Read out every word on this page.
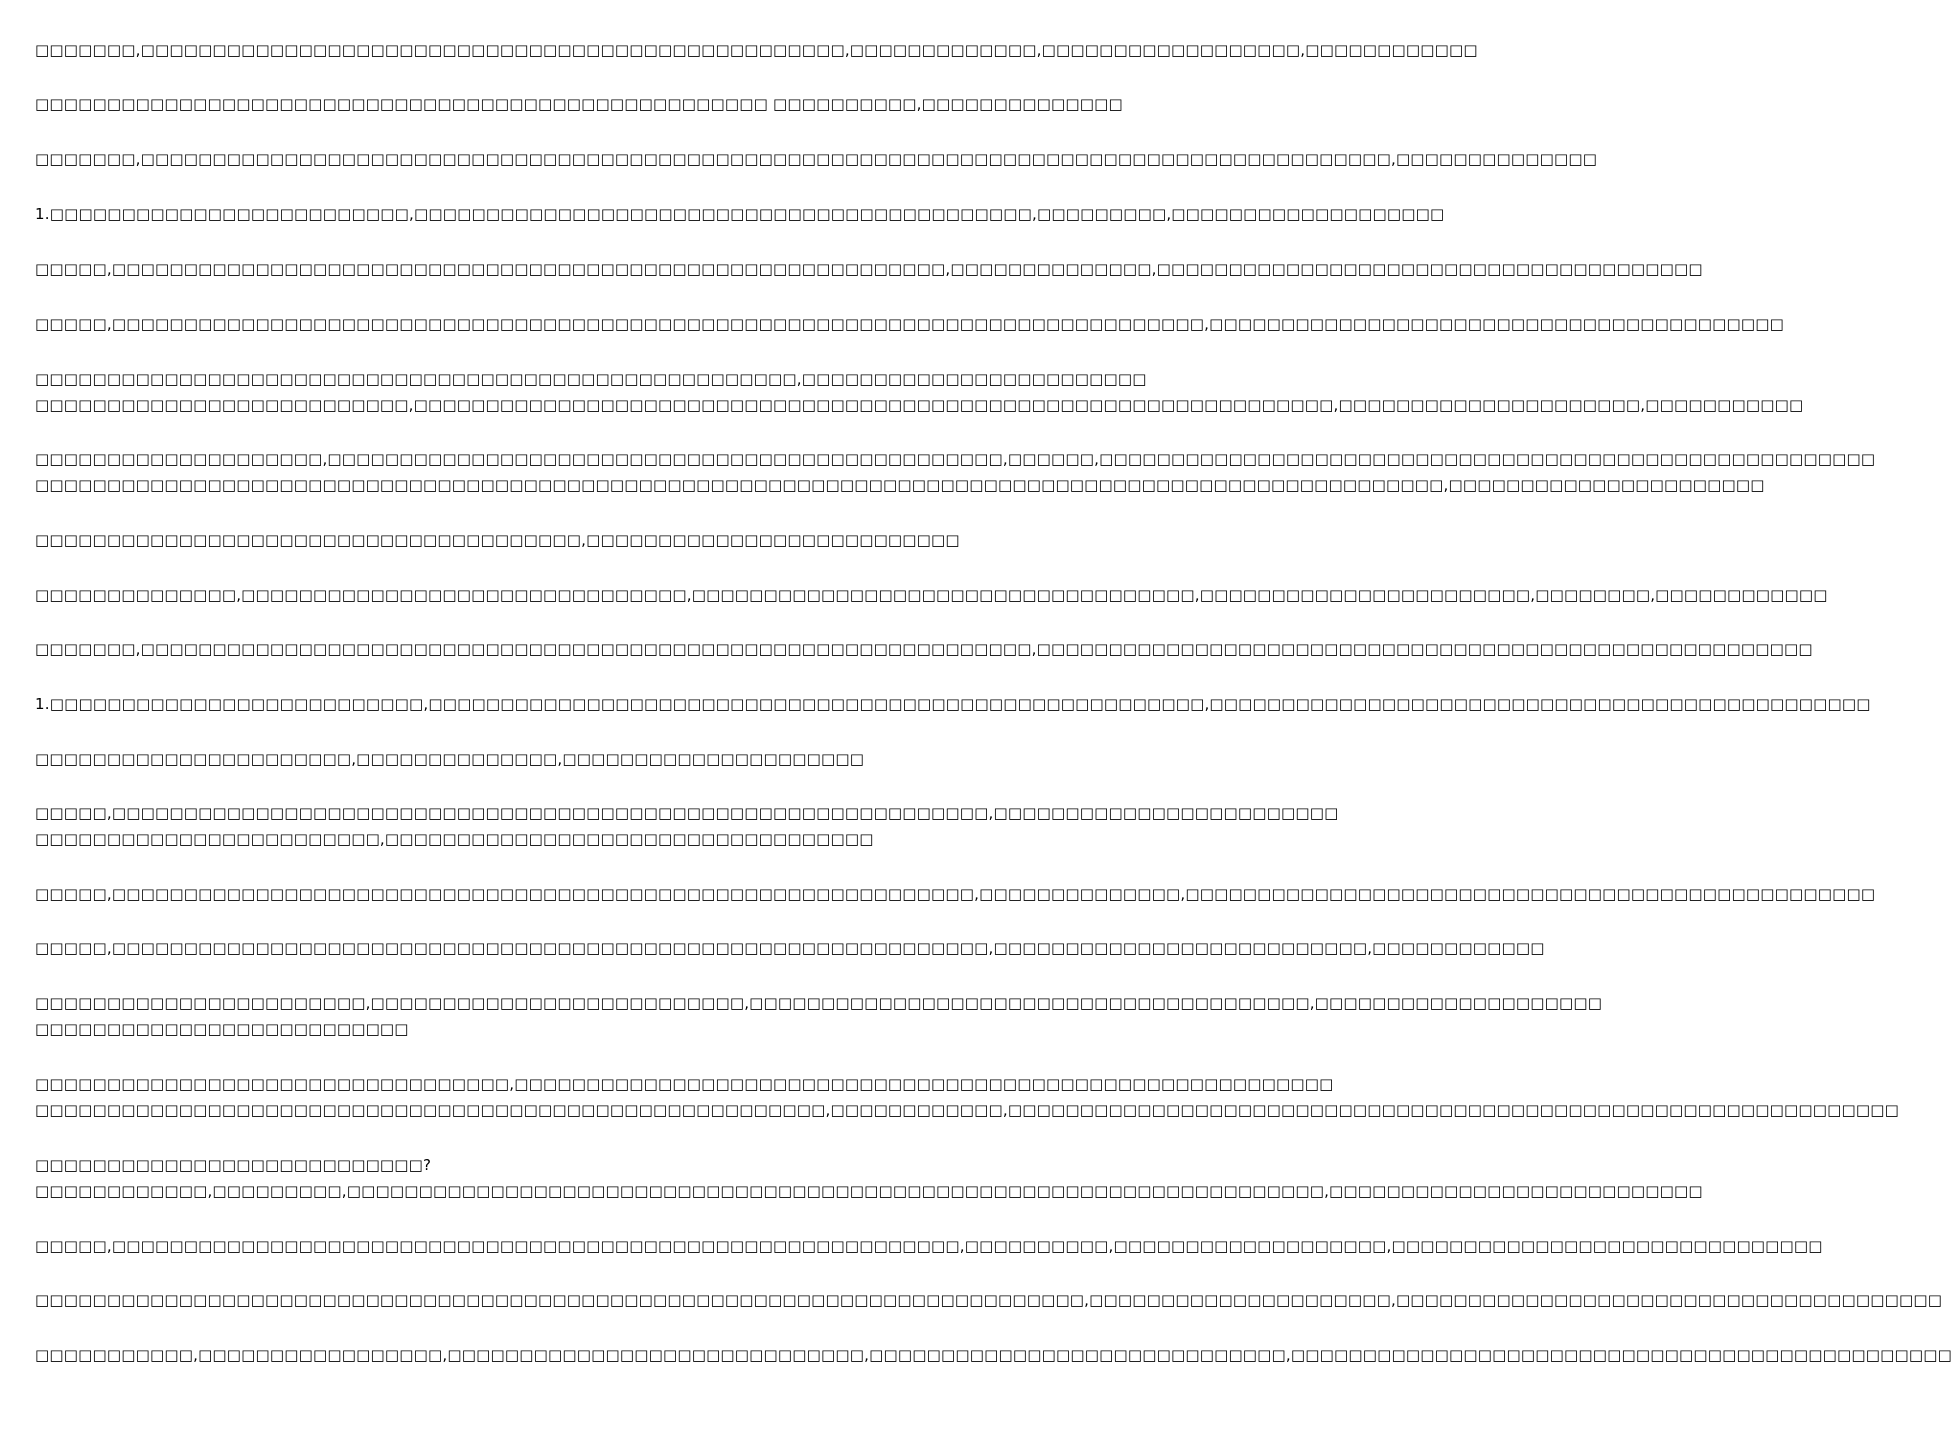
□□□□□□□,□□□□□□□□□□□□□□□□□□□□□□□□□□□□□□□□□□□□□□□□□□□□□□□□□,□□□□□□□□□□□□□,□□□□□□□□□□□□□□□□□□,□□□□□□□□□□□□
□□□□□□□□□□□□□□□□□□□□□□□□□□□□□□□□□□□□□□□□□□□□□□□□□□□ □□□□□□□□□□,□□□□□□□□□□□□□□
□□□□□□□,□□□□□□□□□□□□□□□□□□□□□□□□□□□□□□□□□□□□□□□□□□□□□□□□□□□□□□□□□□□□□□□□□□□□□□□□□□□□□□□□□□□□□□□,□□□□□□□□□□□□□□
1.□□□□□□□□□□□□□□□□□□□□□□□□□,□□□□□□□□□□□□□□□□□□□□□□□□□□□□□□□□□□□□□□□□□□□,□□□□□□□□□,□□□□□□□□□□□□□□□□□□□
□□□□□,□□□□□□□□□□□□□□□□□□□□□□□□□□□□□□□□□□□□□□□□□□□□□□□□□□□□□□□□□□,□□□□□□□□□□□□□□,□□□□□□□□□□□□□□□□□□□□□□□□□□□□□□□□□□□□□□
□□□□□,□□□□□□□□□□□□□□□□□□□□□□□□□□□□□□□□□□□□□□□□□□□□□□□□□□□□□□□□□□□□□□□□□□□□□□□□□□□□,□□□□□□□□□□□□□□□□□□□□□□□□□□□□□□□□□□□□□□□□
□□□□□□□□□□□□□□□□□□□□□□□□□□□□□□□□□□□□□□□□□□□□□□□□□□□□□,□□□□□□□□□□□□□□□□□□□□□□□□
□□□□□□□□□□□□□□□□□□□□□□□□□□,□□□□□□□□□□□□□□□□□□□□□□□□□□□□□□□□□□□□□□□□□□□□□□□□□□□□□□□□□□□□□□□□,□□□□□□□□□□□□□□□□□□□□□,□□□□□□□□□□□
□□□□□□□□□□□□□□□□□□□□,□□□□□□□□□□□□□□□□□□□□□□□□□□□□□□□□□□□□□□□□□□□□□□□,□□□□□□,□□□□□□□□□□□□□□□□□□□□□□□□□□□□□□□□□□□□□□□□□□□□□□□□□□□□□□
□□□□□□□□□□□□□□□□□□□□□□□□□□□□□□□□□□□□□□□□□□□□□□□□□□□□□□□□□□□□□□□□□□□□□□□□□□□□□□□□□□□□□□□□□□□□□□□□□□,□□□□□□□□□□□□□□□□□□□□□□
□□□□□□□□□□□□□□□□□□□□□□□□□□□□□□□□□□□□□□,□□□□□□□□□□□□□□□□□□□□□□□□□□
□□□□□□□□□□□□□□,□□□□□□□□□□□□□□□□□□□□□□□□□□□□□□□,□□□□□□□□□□□□□□□□□□□□□□□□□□□□□□□□□□□,□□□□□□□□□□□□□□□□□□□□□□□,□□□□□□□□,□□□□□□□□□□□□
□□□□□□□,□□□□□□□□□□□□□□□□□□□□□□□□□□□□□□□□□□□□□□□□□□□□□□□□□□□□□□□□□□□□□□,□□□□□□□□□□□□□□□□□□□□□□□□□□□□□□□□□□□□□□□□□□□□□□□□□□□□□□
1.□□□□□□□□□□□□□□□□□□□□□□□□□□,□□□□□□□□□□□□□□□□□□□□□□□□□□□□□□□□□□□□□□□□□□□□□□□□□□□□□□,□□□□□□□□□□□□□□□□□□□□□□□□□□□□□□□□□□□□□□□□□□□□□□
□□□□□□□□□□□□□□□□□□□□□□,□□□□□□□□□□□□□□,□□□□□□□□□□□□□□□□□□□□□
□□□□□,□□□□□□□□□□□□□□□□□□□□□□□□□□□□□□□□□□□□□□□□□□□□□□□□□□□□□□□□□□□□□,□□□□□□□□□□□□□□□□□□□□□□□□
□□□□□□□□□□□□□□□□□□□□□□□□,□□□□□□□□□□□□□□□□□□□□□□□□□□□□□□□□□□
□□□□□,□□□□□□□□□□□□□□□□□□□□□□□□□□□□□□□□□□□□□□□□□□□□□□□□□□□□□□□□□□□□,□□□□□□□□□□□□□□,□□□□□□□□□□□□□□□□□□□□□□□□□□□□□□□□□□□□□□□□□□□□□□□□
□□□□□,□□□□□□□□□□□□□□□□□□□□□□□□□□□□□□□□□□□□□□□□□□□□□□□□□□□□□□□□□□□□□,□□□□□□□□□□□□□□□□□□□□□□□□□□,□□□□□□□□□□□□
□□□□□□□□□□□□□□□□□□□□□□□,□□□□□□□□□□□□□□□□□□□□□□□□□□,□□□□□□□□□□□□□□□□□□□□□□□□□□□□□□□□□□□□□□□,□□□□□□□□□□□□□□□□□□□□
□□□□□□□□□□□□□□□□□□□□□□□□□□
□□□□□□□□□□□□□□□□□□□□□□□□□□□□□□□□□,□□□□□□□□□□□□□□□□□□□□□□□□□□□□□□□□□□□□□□□□□□□□□□□□□□□□□□□□□
□□□□□□□□□□□□□□□□□□□□□□□□□□□□□□□□□□□□□□□□□□□□□□□□□□□□□□□,□□□□□□□□□□□□,□□□□□□□□□□□□□□□□□□□□□□□□□□□□□□□□□□□□□□□□□□□□□□□□□□□□□□□□□□□□□□
□□□□□□□□□□□□□□□□□□□□□□□□□□□?
□□□□□□□□□□□□,□□□□□□□□□,□□□□□□□□□□□□□□□□□□□□□□□□□□□□□□□□□□□□□□□□□□□□□□□□□□□□□□□□□□□□□□□□□□□□,□□□□□□□□□□□□□□□□□□□□□□□□□□
□□□□□,□□□□□□□□□□□□□□□□□□□□□□□□□□□□□□□□□□□□□□□□□□□□□□□□□□□□□□□□□□□,□□□□□□□□□□,□□□□□□□□□□□□□□□□□□□,□□□□□□□□□□□□□□□□□□□□□□□□□□□□□□
□□□□□□□□□□□□□□□□□□□□□□□□□□□□□□□□□□□□□□□□□□□□□□□□□□□□□□□□□□□□□□□□□□□□□□□□□,□□□□□□□□□□□□□□□□□□□□□,□□□□□□□□□□□□□□□□□□□□□□□□□□□□□□□□□□□□□□
□□□□□□□□□□□,□□□□□□□□□□□□□□□□□,□□□□□□□□□□□□□□□□□□□□□□□□□□□□□,□□□□□□□□□□□□□□□□□□□□□□□□□□□□□,□□□□□□□□□□□□□□□□□□□□□□□□□□□□□□□□□□□□□□□□□□□□□□
